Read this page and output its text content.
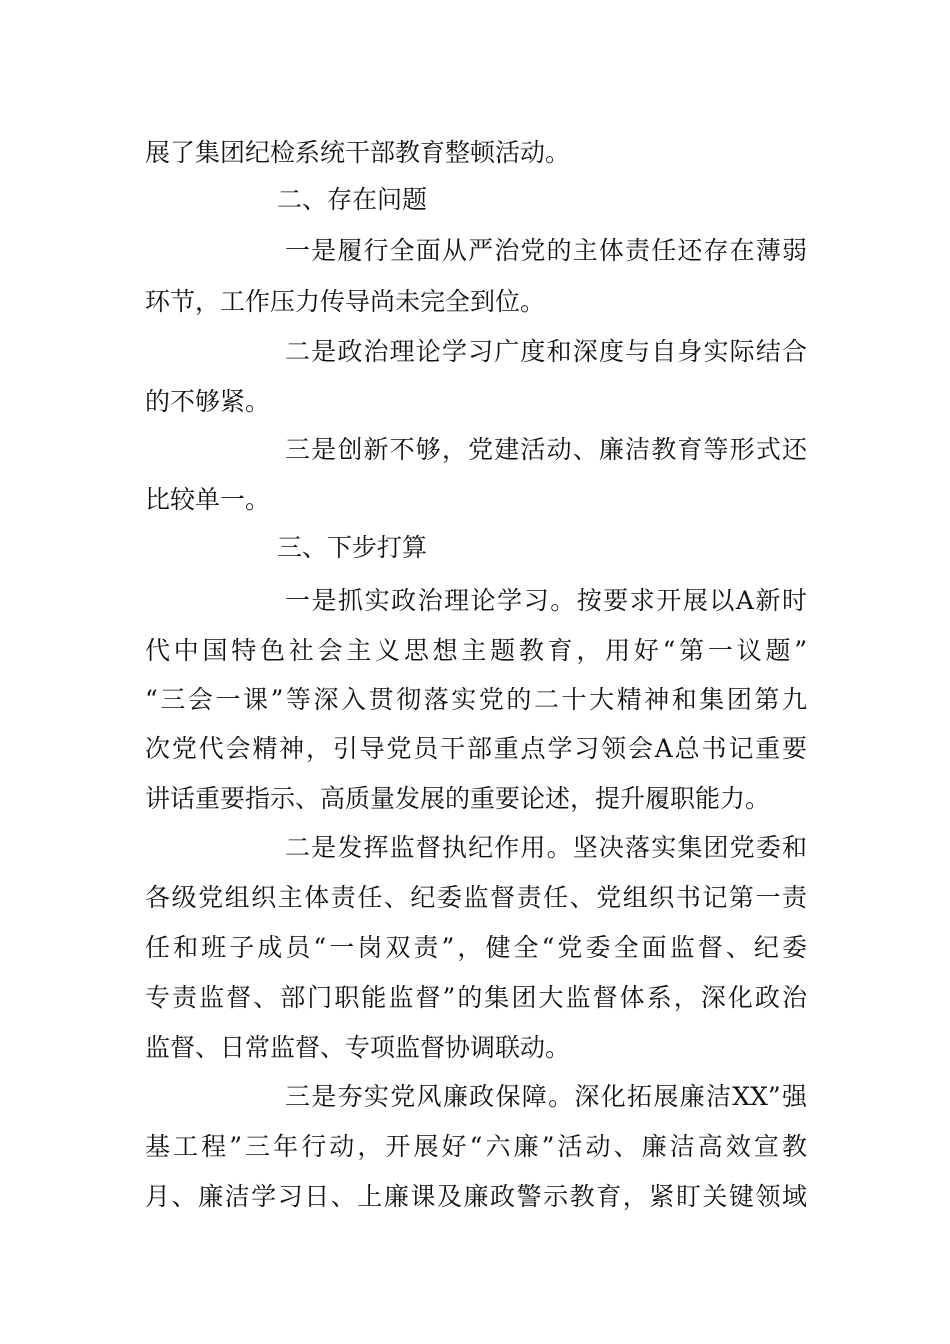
展了集团纪检系统干部教育整顿活动。
二、存在问题
一是履行全面从严治党的主体责任还存在薄弱
环节，工作压力传导尚未完全到位。
二是政治理论学习广度和深度与自身实际结合
的不够紧。
三是创新不够，党建活动、廉洁教育等形式还
比较单一。
三、下步打算
一是抓实政治理论学习。按要求开展以A新时
代中国特色社会主义思想主题教育，用好“第一议题”
“三会一课”等深入贯彻落实党的二十大精神和集团第九
次党代会精神，引导党员干部重点学习领会A总书记重要
讲话重要指示、高质量发展的重要论述，提升履职能力。
二是发挥监督执纪作用。坚决落实集团党委和
各级党组织主体责任、纪委监督责任、党组织书记第一责
任和班子成员“一岗双责”，健全“党委全面监督、纪委
专责监督、部门职能监督”的集团大监督体系，深化政治
监督、日常监督、专项监督协调联动。
三是夯实党风廉政保障。深化拓展廉洁XX”强
基工程”三年行动，开展好“六廉”活动、廉洁高效宣教
月、廉洁学习日、上廉课及廉政警示教育，紧盯关键领域
